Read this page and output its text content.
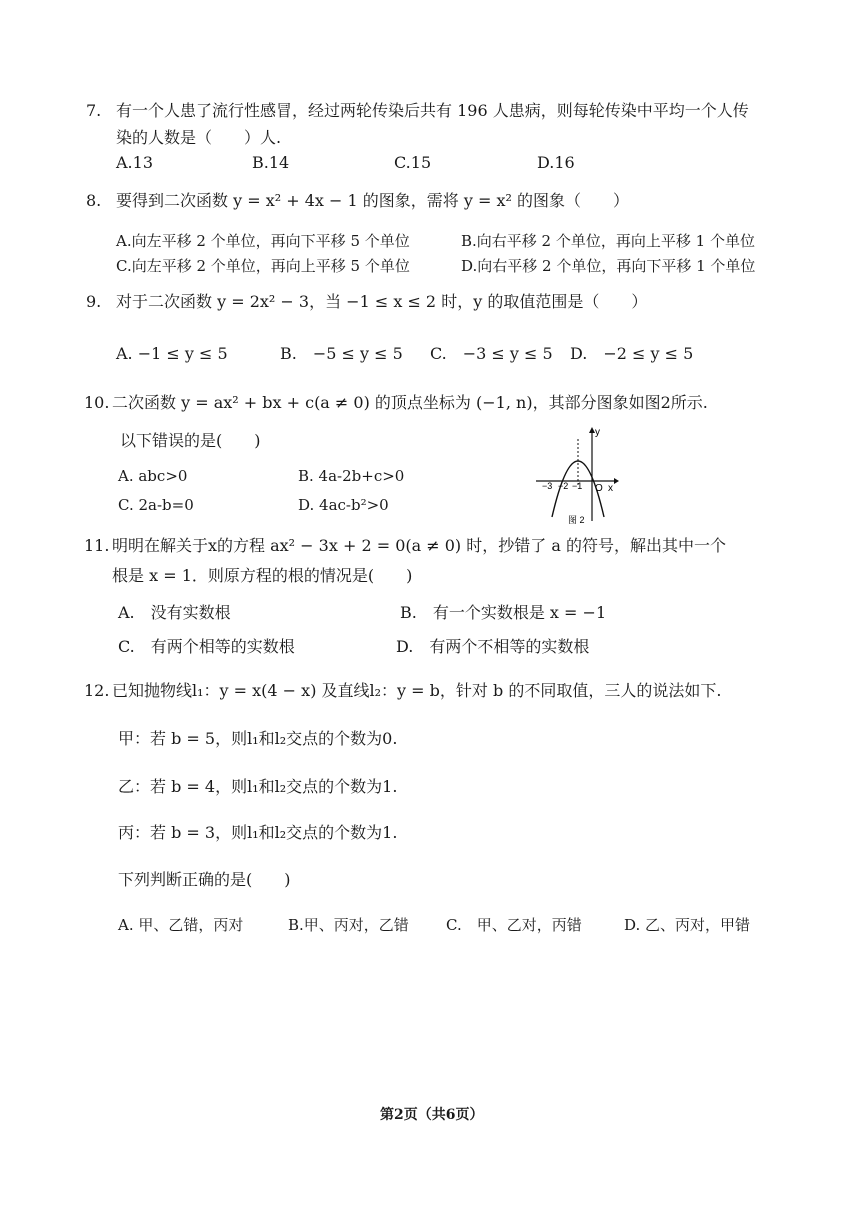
7. 有一个人患了流行性感冒，经过两轮传染后共有 196 人患病，则每轮传染中平均一个人传
染的人数是（　　）人.
A.13	B.14	C.15	D.16
8. 要得到二次函数 y = x² + 4x − 1 的图象，需将 y = x² 的图象（　　）
A.向左平移 2 个单位，再向下平移 5 个单位	B.向右平移 2 个单位，再向上平移 1 个单位
C.向左平移 2 个单位，再向上平移 5 个单位	D.向右平移 2 个单位，再向下平移 1 个单位
9. 对于二次函数 y = 2x² − 3，当 −1 ≤ x ≤ 2 时，y 的取值范围是（　　）
A. −1 ≤ y ≤ 5	B.　−5 ≤ y ≤ 5 C.　−3 ≤ y ≤ 5 D.　−2 ≤ y ≤ 5
10. 二次函数 y = ax² + bx + c(a ≠ 0) 的顶点坐标为 (−1, n)，其部分图象如图2所示.
以下错误的是(　　)
A. abc>0	B. 4a-2b+c>0
C. 2a-b=0	D. 4ac-b²>0
y
x
O
−3 −2 −1
图 2
11. 明明在解关于x的方程 ax² − 3x + 2 = 0(a ≠ 0) 时，抄错了 a 的符号，解出其中一个
根是 x = 1．则原方程的根的情况是(　　)
A.　没有实数根	B.　有一个实数根是 x = −1
C.　有两个相等的实数根	D.　有两个不相等的实数根
12. 已知抛物线l₁：y = x(4 − x) 及直线l₂：y = b，针对 b 的不同取值，三人的说法如下.
甲：若 b = 5，则l₁和l₂交点的个数为0.
乙：若 b = 4，则l₁和l₂交点的个数为1.
丙：若 b = 3，则l₁和l₂交点的个数为1.
下列判断正确的是(　　)
A. 甲、乙错，丙对	B.甲、丙对，乙错 C.　甲、乙对，丙错	D. 乙、丙对，甲错
第2页（共6页）
